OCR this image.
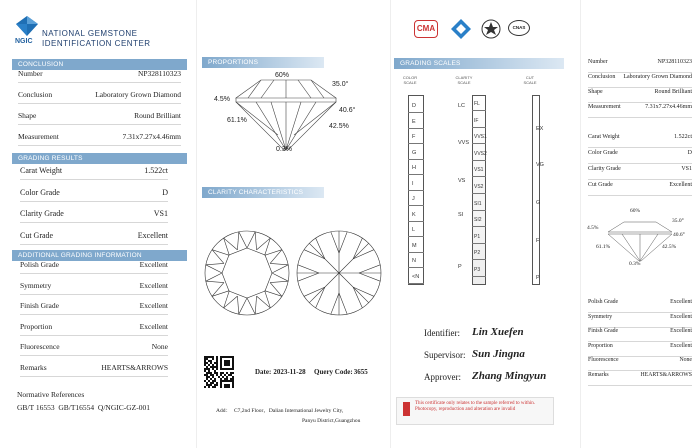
NGIC
NATIONAL GEMSTONE
IDENTIFICATION CENTER
CONCLUSION
Number	NP328110323
Conclusion	Laboratory Grown Diamond
Shape	Round Brilliant
Measurement	7.31x7.27x4.46mm
GRADING RESULTS
Carat Weight	1.522ct
Color Grade	D
Clarity Grade	VS1
Cut Grade	Excellent
ADDITIONAL GRADING INFORMATION
Polish Grade	Excellent
Symmetry	Excellent
Finish Grade	Excellent
Proportion	Excellent
Fluorescence	None
Remarks	HEARTS&ARROWS
Normative References
GB/T 16553  GB/T16554  Q/NGIC-GZ-001
PROPORTIONS
60%
35.0°
4.5%
40.6°
61.1%
42.5%
0.3%
CLARITY CHARACTERISTICS
Date: 2023-11-28 Query Code: 3655
Add： C7,2nd Floor，Dalian International Jewelry City,
Panyu District,Guangzhou
CMA	CNAS
GRADING SCALES
COLOR SCALE
CLARITY SCALE
CUT SCALE
D
E
F
G
H
I
J
K
L
M
N
<N
LC
VVS
VS
SI
P
FL
IF
VVS1
VVS2
VS1
VS2
SI1
SI2
P1
P2
P3
EX
VG
G
F
P
Identifier: Lin Xuefen
Supervisor: Sun Jingna
Approver: Zhang Mingyun
This certificate only relates to the sample referred to within. Photocopy, reproduction and alteration are invalid
Number	NP328110323
Conclusion Laboratory Grown Diamond
Shape	Round Brilliant
Measurement	7.31x7.27x4.46mm
Carat Weight	1.522ct
Color Grade	D
Clarity Grade	VS1
Cut Grade	Excellent
60%
35.0°
4.5%
40.6°
61.1%	42.5%
0.3%
Polish Grade	Excellent
Symmetry	Excellent
Finish Grade	Excellent
Proportion	Excellent
Fluorescence	None
Remarks	HEARTS&ARROWS
